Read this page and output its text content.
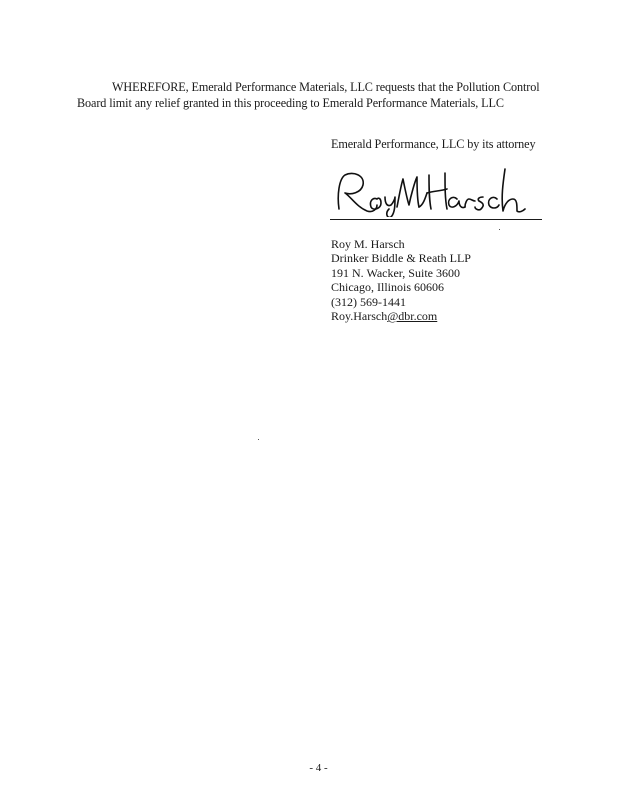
WHEREFORE, Emerald Performance Materials, LLC requests that the Pollution Control
Board limit any relief granted in this proceeding to Emerald Performance Materials, LLC
Emerald Performance, LLC by its attorney
Roy M. Harsch
Drinker Biddle & Reath LLP
191 N. Wacker, Suite 3600
Chicago, Illinois 60606
(312) 569-1441
Roy.Harsch@dbr.com
- 4 -
